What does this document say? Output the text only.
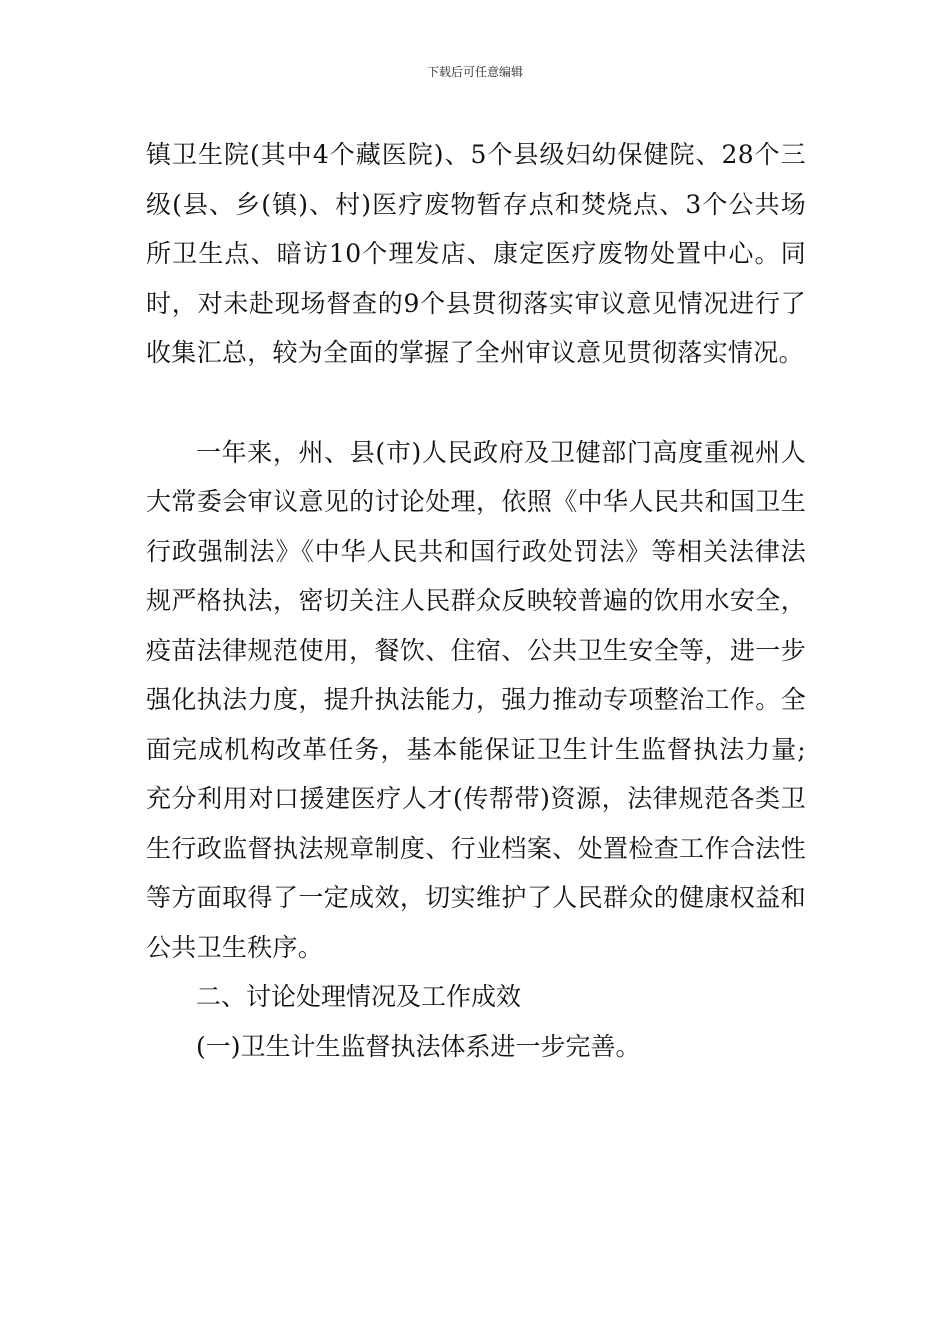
下载后可任意编辑

镇卫生院(其中4个藏医院)、5个县级妇幼保健院、28个三级(县、乡(镇)、村)医疗废物暂存点和焚烧点、3个公共场所卫生点、暗访10个理发店、康定医疗废物处置中心。同时，对未赴现场督查的9个县贯彻落实审议意见情况进行了收集汇总，较为全面的掌握了全州审议意见贯彻落实情况。

一年来，州、县(市)人民政府及卫健部门高度重视州人大常委会审议意见的讨论处理，依照《中华人民共和国卫生行政强制法》《中华人民共和国行政处罚法》等相关法律法规严格执法，密切关注人民群众反映较普遍的饮用水安全，疫苗法律规范使用，餐饮、住宿、公共卫生安全等，进一步强化执法力度，提升执法能力，强力推动专项整治工作。全面完成机构改革任务，基本能保证卫生计生监督执法力量;充分利用对口援建医疗人才(传帮带)资源，法律规范各类卫生行政监督执法规章制度、行业档案、处置检查工作合法性等方面取得了一定成效，切实维护了人民群众的健康权益和公共卫生秩序。

二、讨论处理情况及工作成效

(一)卫生计生监督执法体系进一步完善。
